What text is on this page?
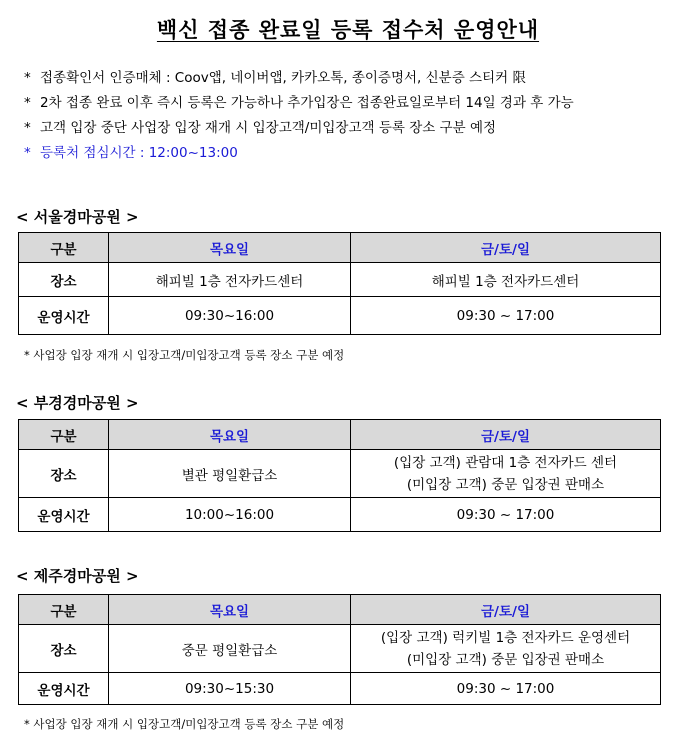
백신 접종 완료일 등록 접수처 운영안내
* 접종확인서 인증매체 : Coov앱, 네이버앱, 카카오톡, 종이증명서, 신분증 스티커 限
* 2차 접종 완료 이후 즉시 등록은 가능하나 추가입장은 접종완료일로부터 14일 경과 후 가능
* 고객 입장 중단 사업장 입장 재개 시 입장고객/미입장고객 등록 장소 구분 예정
* 등록처 점심시간 : 12:00~13:00
< 서울경마공원 >
구분	목요일	금/토/일
장소	해피빌 1층 전자카드센터	해피빌 1층 전자카드센터
운영시간	09:30~16:00	09:30 ~ 17:00
* 사업장 입장 재개 시 입장고객/미입장고객 등록 장소 구분 예정
< 부경경마공원 >
구분	목요일	금/토/일
장소	별관 평일환급소	(입장 고객) 관람대 1층 전자카드 센터
(미입장 고객) 중문 입장권 판매소

운영시간	10:00~16:00	09:30 ~ 17:00
< 제주경마공원 >
구분	목요일	금/토/일
장소	중문 평일환급소	(입장 고객) 럭키빌 1층 전자카드 운영센터
(미입장 고객) 중문 입장권 판매소

운영시간	09:30~15:30	09:30 ~ 17:00
* 사업장 입장 재개 시 입장고객/미입장고객 등록 장소 구분 예정
